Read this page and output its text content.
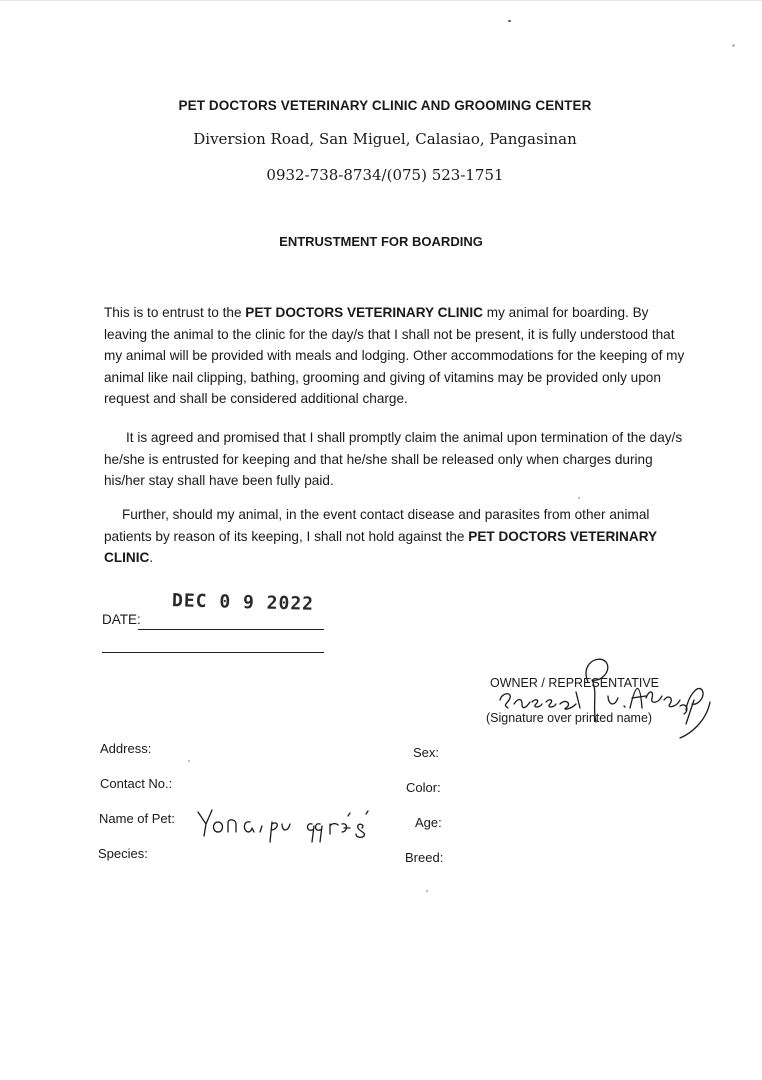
PET DOCTORS VETERINARY CLINIC AND GROOMING CENTER
Diversion Road, San Miguel, Calasiao, Pangasinan
0932-738-8734/(075) 523-1751
ENTRUSTMENT FOR BOARDING

This is to entrust to the PET DOCTORS VETERINARY CLINIC my animal for boarding. By leaving the animal to the clinic for the day/s that I shall not be present, it is fully understood that my animal will be provided with meals and lodging. Other accommodations for the keeping of my animal like nail clipping, bathing, grooming and giving of vitamins may be provided only upon request and shall be considered additional charge.

It is agreed and promised that I shall promptly claim the animal upon termination of the day/s he/she is entrusted for keeping and that he/she shall be released only when charges during his/her stay shall have been fully paid.

Further, should my animal, in the event contact disease and parasites from other animal patients by reason of its keeping, I shall not hold against the PET DOCTORS VETERINARY CLINIC.

DEC 0 9 2022
DATE:
OWNER / REPRESENTATIVE
(Signature over printed name)
Address:
Contact No.:
Name of Pet:
Species:
Sex:
Color:
Age:
Breed:
